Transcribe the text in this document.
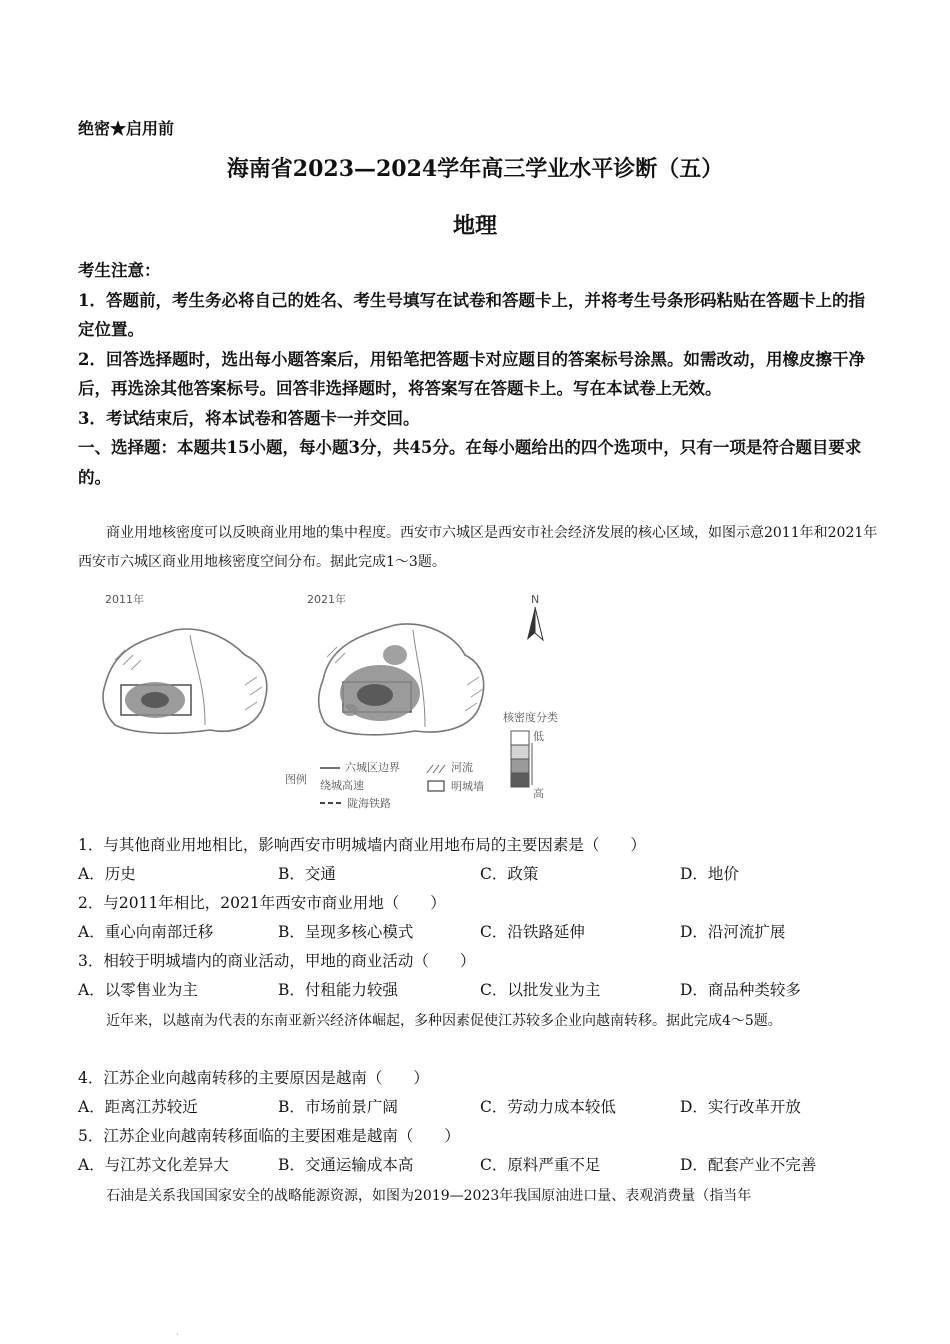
绝密★启用前
海南省2023—2024学年高三学业水平诊断（五）
地理

考生注意：

1．答题前，考生务必将自己的姓名、考生号填写在试卷和答题卡上，并将考生号条形码粘贴在答题卡上的指定位置。

2．回答选择题时，选出每小题答案后，用铅笔把答题卡对应题目的答案标号涂黑。如需改动，用橡皮擦干净后，再选涂其他答案标号。回答非选择题时，将答案写在答题卡上。写在本试卷上无效。

3．考试结束后，将本试卷和答题卡一并交回。

一、选择题：本题共15小题，每小题3分，共45分。在每小题给出的四个选项中，只有一项是符合题目要求的。

商业用地核密度可以反映商业用地的集中程度。西安市六城区是西安市社会经济发展的核心区域，如图示意2011年和2021年西安市六城区商业用地核密度空间分布。据此完成1～3题。

2011年	2021年	N
核密度分类
低
高
图例
六城区边界	河流
绕城高速	明城墙
陇海铁路
1．与其他商业用地相比，影响西安市明城墙内商业用地布局的主要因素是（　　）
A．历史	B．交通	C．政策	D．地价
2．与2011年相比，2021年西安市商业用地（　　）
A．重心向南部迁移	B．呈现多核心模式	C．沿铁路延伸	D．沿河流扩展
3．相较于明城墙内的商业活动，甲地的商业活动（　　）
A．以零售业为主	B．付租能力较强	C．以批发业为主	D．商品种类较多

近年来，以越南为代表的东南亚新兴经济体崛起，多种因素促使江苏较多企业向越南转移。据此完成4～5题。

4．江苏企业向越南转移的主要原因是越南（　　）
A．距离江苏较近	B．市场前景广阔	C．劳动力成本较低	D．实行改革开放
5．江苏企业向越南转移面临的主要困难是越南（　　）
A．与江苏文化差异大	B．交通运输成本高	C．原料严重不足	D．配套产业不完善

石油是关系我国国家安全的战略能源资源，如图为2019—2023年我国原油进口量、表观消费量（指当年

·
